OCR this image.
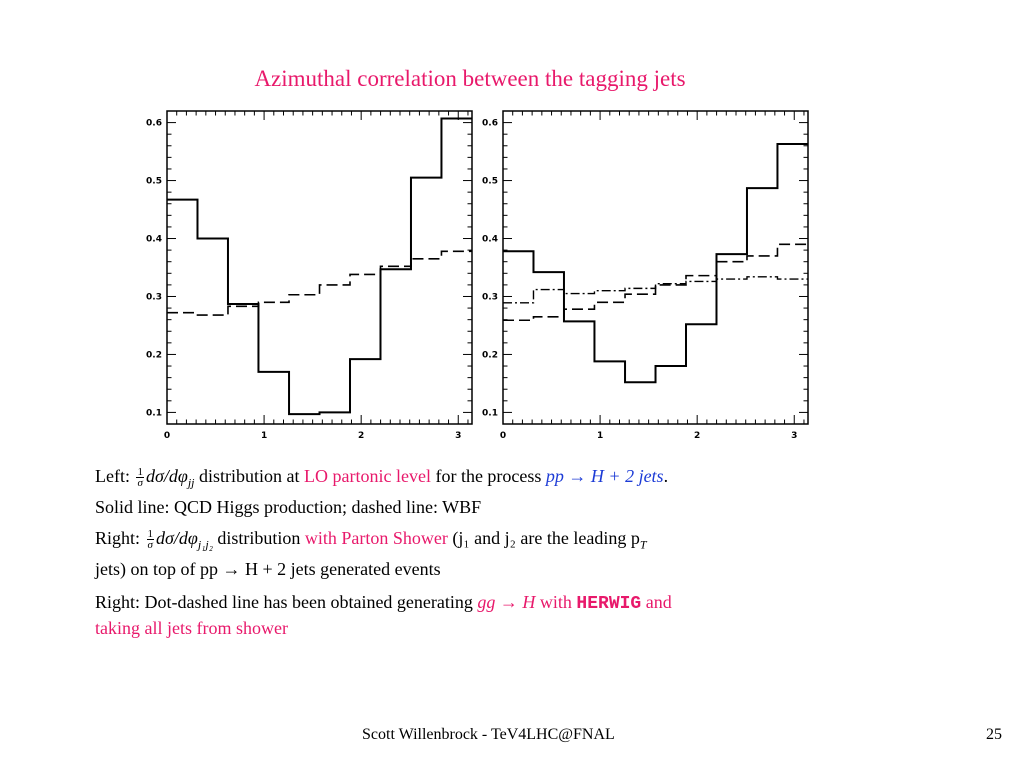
Azimuthal correlation between the tagging jets
0	1	2	3
0.1
0.2
0.3
0.4
0.5
0.6
0	1	2	3
0.1
0.2
0.3
0.4
0.5
0.6
Left: $\frac{1}{\sigma} d\sigma/d\varphi_{jj}$ distribution at LO partonic level for the process pp → H + 2 jets.
Solid line: QCD Higgs production; dashed line: WBF
Right: $\frac{1}{\sigma} d\sigma/d\varphi_{j_1j_2}$ distribution with Parton Shower (j₁ and j₂ are the leading $p_T$
jets) on top of pp → H + 2 jets generated events
Right: Dot-dashed line has been obtained generating gg → H with HERWIG and
taking all jets from shower
Scott Willenbrock - TeV4LHC@FNAL	25
